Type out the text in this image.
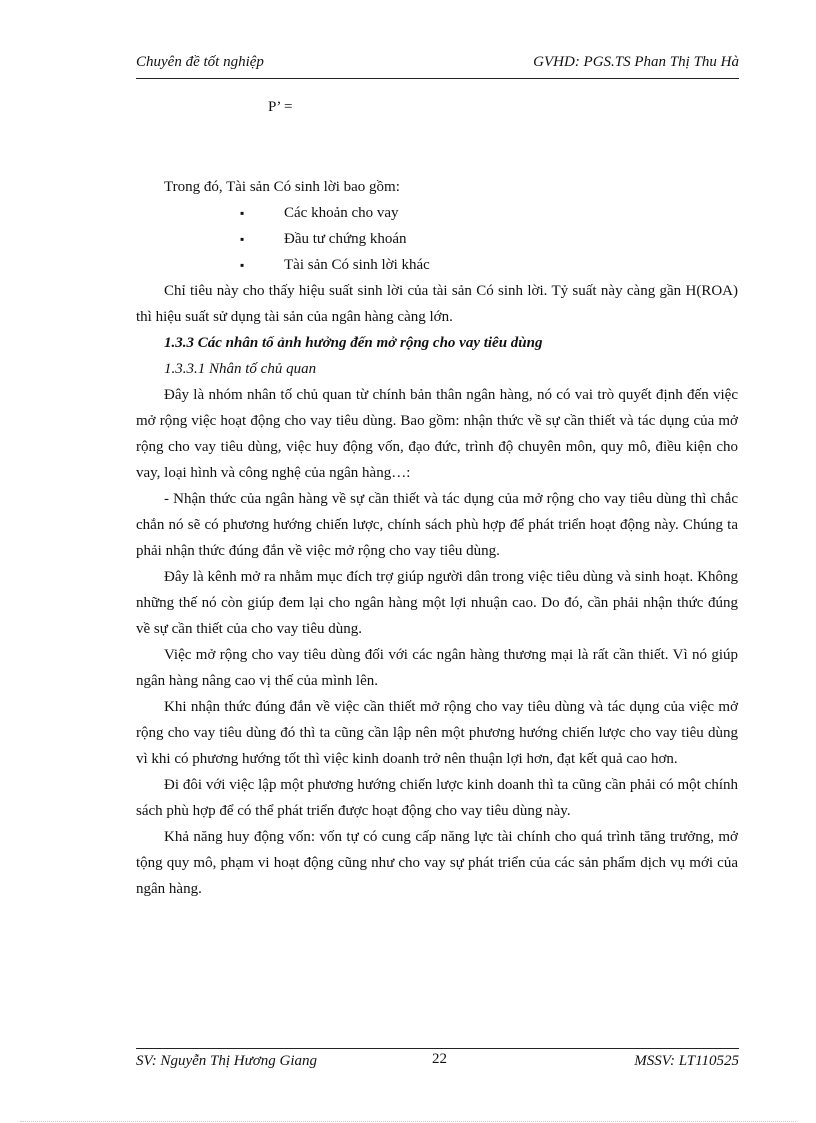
Chuyên đề tốt nghiệp	GVHD: PGS.TS Phan Thị Thu Hà

P’ =

Trong đó, Tài sản Có sinh lời bao gồm:

▪ Các khoản cho vay
▪ Đầu tư chứng khoán
▪ Tài sản Có sinh lời khác

Chỉ tiêu này cho thấy hiệu suất sinh lời của tài sản Có sinh lời. Tỷ suất này càng gần H(ROA) thì hiệu suất sử dụng tài sản của ngân hàng càng lớn.

1.3.3 Các nhân tố ảnh hưởng đến mở rộng cho vay tiêu dùng

1.3.3.1 Nhân tố chủ quan

Đây là nhóm nhân tố chủ quan từ chính bản thân ngân hàng, nó có vai trò quyết định đến việc mở rộng việc hoạt động cho vay tiêu dùng. Bao gồm: nhận thức về sự cần thiết và tác dụng của mở rộng cho vay tiêu dùng, việc huy động vốn, đạo đức, trình độ chuyên môn, quy mô, điều kiện cho vay, loại hình và công nghệ của ngân hàng…:

- Nhận thức của ngân hàng về sự cần thiết và tác dụng của mở rộng cho vay tiêu dùng thì chắc chắn nó sẽ có phương hướng chiến lược, chính sách phù hợp để phát triển hoạt động này. Chúng ta phải nhận thức đúng đắn về việc mở rộng cho vay tiêu dùng.

Đây là kênh mở ra nhằm mục đích trợ giúp người dân trong việc tiêu dùng và sinh hoạt. Không những thế nó còn giúp đem lại cho ngân hàng một lợi nhuận cao. Do đó, cần phải nhận thức đúng về sự cần thiết của cho vay tiêu dùng.

Việc mở rộng cho vay tiêu dùng đối với các ngân hàng thương mại là rất cần thiết. Vì nó giúp ngân hàng nâng cao vị thế của mình lên.

Khi nhận thức đúng đắn về việc cần thiết mở rộng cho vay tiêu dùng và tác dụng của việc mở rộng cho vay tiêu dùng đó thì ta cũng cần lập nên một phương hướng chiến lược cho vay tiêu dùng vì khi có phương hướng tốt thì việc kinh doanh trở nên thuận lợi hơn, đạt kết quả cao hơn.

Đi đôi với việc lập một phương hướng chiến lược kinh doanh thì ta cũng cần phải có một chính sách phù hợp để có thể phát triển được hoạt động cho vay tiêu dùng này.

Khả năng huy động vốn: vốn tự có cung cấp năng lực tài chính cho quá trình tăng trưởng, mở tộng quy mô, phạm vi hoạt động cũng như cho vay sự phát triển của các sản phẩm dịch vụ mới của ngân hàng.

SV: Nguyễn Thị Hương Giang	22	MSSV: LT110525
